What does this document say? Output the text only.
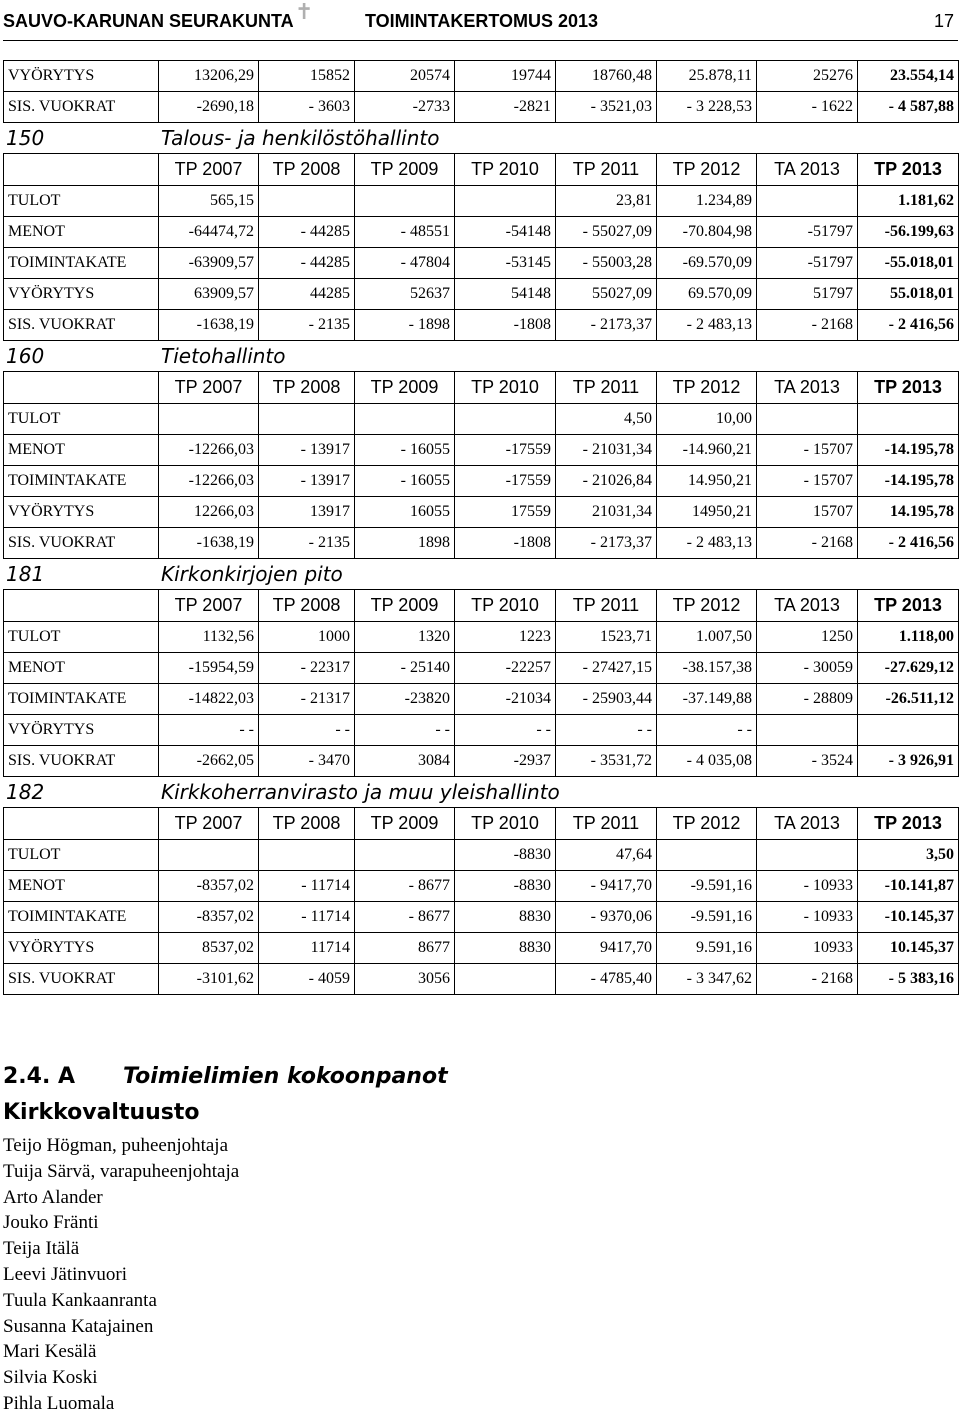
SAUVO-KARUNAN SEURAKUNTA ✝	TOIMINTAKERTOMUS 2013	17
VYÖRYTYS	13206,29	15852	20574	19744	18760,48	25.878,11	25276	23.554,14
SIS. VUOKRAT	-2690,18	- 3603	-2733	-2821	- 3521,03	- 3 228,53	- 1622	- 4 587,88
150	Talous- ja henkilöstöhallinto							
	TP 2007	TP 2008	TP 2009	TP 2010	TP 2011	TP 2012	TA 2013	TP 2013
TULOT	565,15				23,81	1.234,89		1.181,62
MENOT	-64474,72	- 44285	- 48551	-54148	- 55027,09	-70.804,98	-51797	-56.199,63
TOIMINTAKATE	-63909,57	- 44285	- 47804	-53145	- 55003,28	-69.570,09	-51797	-55.018,01
VYÖRYTYS	63909,57	44285	52637	54148	55027,09	69.570,09	51797	55.018,01
SIS. VUOKRAT	-1638,19	- 2135	- 1898	-1808	- 2173,37	- 2 483,13	- 2168	- 2 416,56
160	Tietohallinto							
	TP 2007	TP 2008	TP 2009	TP 2010	TP 2011	TP 2012	TA 2013	TP 2013
TULOT					4,50	10,00		
MENOT	-12266,03	- 13917	- 16055	-17559	- 21031,34	-14.960,21	- 15707	-14.195,78
TOIMINTAKATE	-12266,03	- 13917	- 16055	-17559	- 21026,84	14.950,21	- 15707	-14.195,78
VYÖRYTYS	12266,03	13917	16055	17559	21031,34	14950,21	15707	14.195,78
SIS. VUOKRAT	-1638,19	- 2135	1898	-1808	- 2173,37	- 2 483,13	- 2168	- 2 416,56
181	Kirkonkirjojen pito							
	TP 2007	TP 2008	TP 2009	TP 2010	TP 2011	TP 2012	TA 2013	TP 2013
TULOT	1132,56	1000	1320	1223	1523,71	1.007,50	1250	1.118,00
MENOT	-15954,59	- 22317	- 25140	-22257	- 27427,15	-38.157,38	- 30059	-27.629,12
TOIMINTAKATE	-14822,03	- 21317	-23820	-21034	- 25903,44	-37.149,88	- 28809	-26.511,12
VYÖRYTYS	- -	- -	- -	- -	- -	- -		
SIS. VUOKRAT	-2662,05	- 3470	3084	-2937	- 3531,72	- 4 035,08	- 3524	- 3 926,91
182	Kirkkoherranvirasto ja muu yleishallinto							
	TP 2007	TP 2008	TP 2009	TP 2010	TP 2011	TP 2012	TA 2013	TP 2013
TULOT				-8830	47,64			3,50
MENOT	-8357,02	- 11714	- 8677	-8830	- 9417,70	-9.591,16	- 10933	-10.141,87
TOIMINTAKATE	-8357,02	- 11714	- 8677	8830	- 9370,06	-9.591,16	- 10933	-10.145,37
VYÖRYTYS	8537,02	11714	8677	8830	9417,70	9.591,16	10933	10.145,37
SIS. VUOKRAT	-3101,62	- 4059	3056		- 4785,40	- 3 347,62	- 2168	- 5 383,16
2.4. A Toimielimien kokoonpanot
Kirkkovaltuusto
Teijo Högman, puheenjohtaja
Tuija Särvä, varapuheenjohtaja
Arto Alander
Jouko Fränti
Teija Itälä
Leevi Jätinvuori
Tuula Kankaanranta
Susanna Katajainen
Mari Kesälä
Silvia Koski
Pihla Luomala
